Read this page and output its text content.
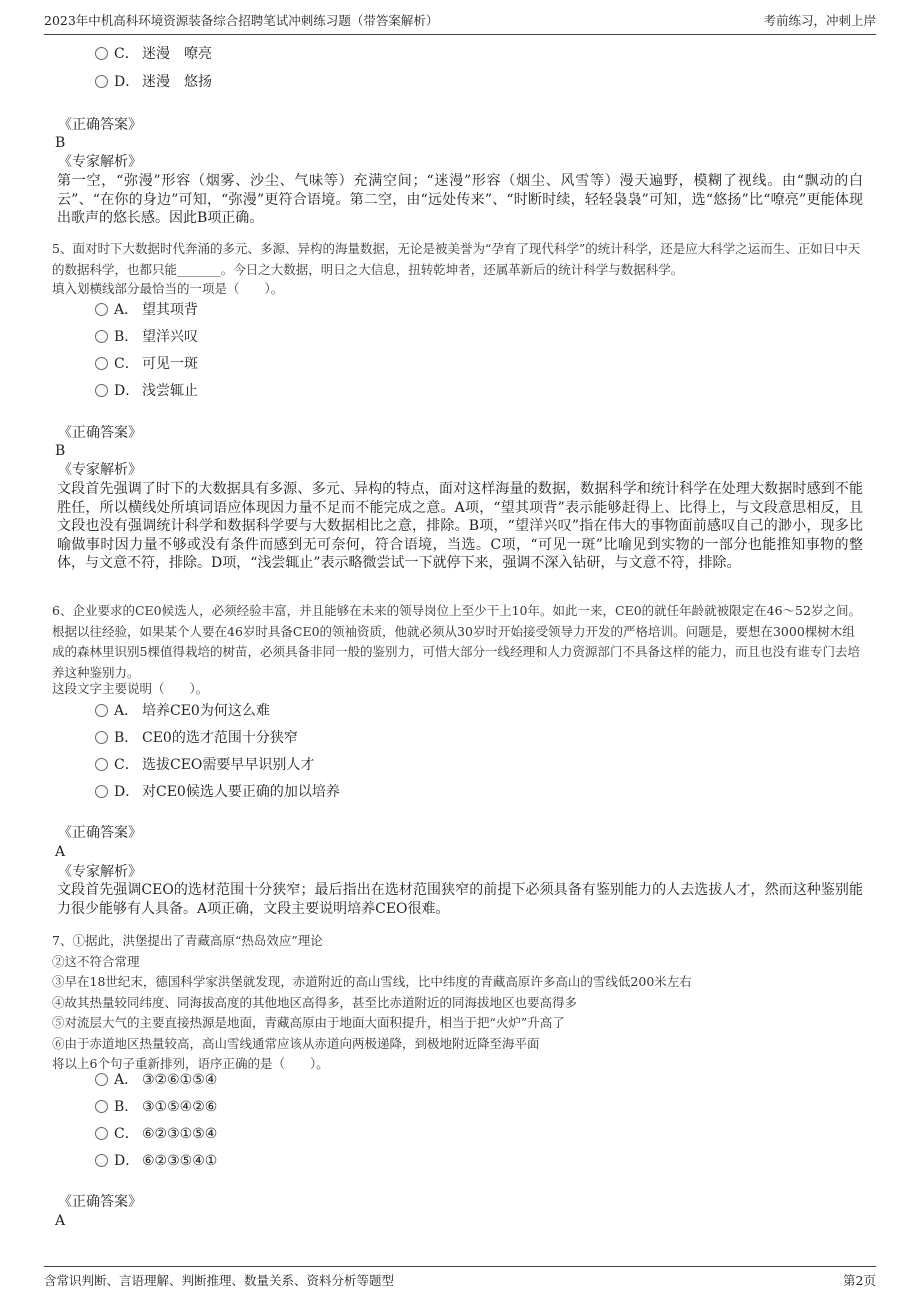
2023年中机高科环境资源装备综合招聘笔试冲刺练习题（带答案解析）	考前练习，冲刺上岸
C． 迷漫　嘹亮
D． 迷漫　悠扬
《正确答案》
B
《专家解析》
第一空，“弥漫”形容（烟雾、沙尘、气味等）充满空间；“迷漫”形容（烟尘、风雪等）漫天遍野，模糊了视线。由“飘动的白云”、“在你的身边”可知，“弥漫”更符合语境。第二空，由“远处传来”、“时断时续，轻轻袅袅”可知，选“悠扬”比“嘹亮”更能体现出歌声的悠长感。因此B项正确。
5、面对时下大数据时代奔涌的多元、多源、异构的海量数据，无论是被美誉为“孕育了现代科学”的统计科学，还是应大科学之运而生、正如日中天的数据科学，也都只能_______。今日之大数据，明日之大信息，扭转乾坤者，还属革新后的统计科学与数据科学。
填入划横线部分最恰当的一项是（　　）。
A． 望其项背
B． 望洋兴叹
C． 可见一斑
D． 浅尝辄止
《正确答案》
B
《专家解析》
文段首先强调了时下的大数据具有多源、多元、异构的特点，面对这样海量的数据，数据科学和统计科学在处理大数据时感到不能胜任，所以横线处所填词语应体现因力量不足而不能完成之意。A项，“望其项背”表示能够赶得上、比得上，与文段意思相反，且文段也没有强调统计科学和数据科学要与大数据相比之意，排除。B项，“望洋兴叹”指在伟大的事物面前感叹自己的渺小，现多比喻做事时因力量不够或没有条件而感到无可奈何，符合语境，当选。C项，“可见一斑”比喻见到实物的一部分也能推知事物的整体，与文意不符，排除。D项，“浅尝辄止”表示略微尝试一下就停下来，强调不深入钻研，与文意不符，排除。
6、企业要求的CE0候选人，必须经验丰富，并且能够在未来的领导岗位上至少干上10年。如此一来，CE0的就任年龄就被限定在46～52岁之间。根据以往经验，如果某个人要在46岁时具备CE0的领袖资质，他就必须从30岁时开始接受领导力开发的严格培训。问题是，要想在3000棵树木组成的森林里识别5棵值得栽培的树苗，必须具备非同一般的鉴别力，可惜大部分一线经理和人力资源部门不具备这样的能力，而且也没有谁专门去培养这种鉴别力。
这段文字主要说明（　　）。
A． 培养CE0为何这么难
B． CE0的选才范围十分狭窄
C． 选拔CEO需要早早识别人才
D． 对CE0候选人要正确的加以培养
《正确答案》
A
《专家解析》
文段首先强调CEO的选材范围十分狭窄；最后指出在选材范围狭窄的前提下必须具备有鉴别能力的人去选拔人才，然而这种鉴别能力很少能够有人具备。A项正确，文段主要说明培养CEO很难。
7、①据此，洪堡提出了青藏高原“热岛效应”理论
②这不符合常理
③早在18世纪末，德国科学家洪堡就发现，赤道附近的高山雪线，比中纬度的青藏高原许多高山的雪线低200米左右
④故其热量较同纬度、同海拔高度的其他地区高得多，甚至比赤道附近的同海拔地区也要高得多
⑤对流层大气的主要直接热源是地面，青藏高原由于地面大面积提升，相当于把“火炉”升高了
⑥由于赤道地区热量较高，高山雪线通常应该从赤道向两极递降，到极地附近降至海平面
将以上6个句子重新排列，语序正确的是（　　）。
A． ③②⑥①⑤④
B． ③①⑤④②⑥
C． ⑥②③①⑤④
D． ⑥②③⑤④①
《正确答案》
A
含常识判断、言语理解、判断推理、数量关系、资料分析等题型	第2页
